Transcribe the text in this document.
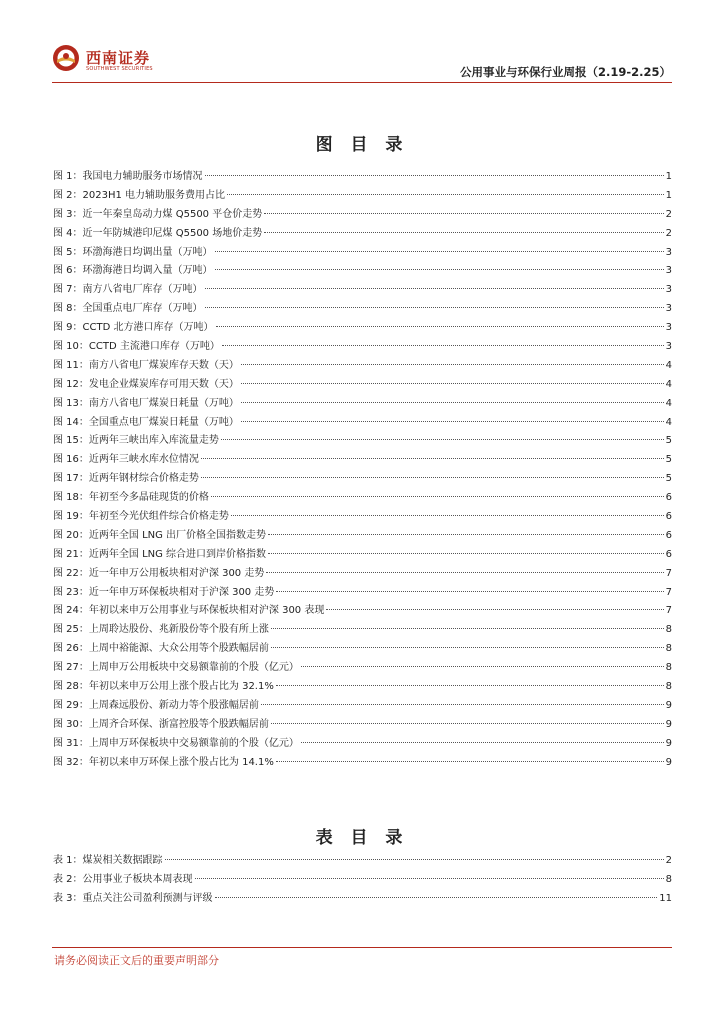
西南证券
SOUTHWEST SECURITIES	公用事业与环保行业周报（2.19-2.25）
图 目 录
图 1：我国电力辅助服务市场情况	1
图 2：2023H1 电力辅助服务费用占比	1
图 3：近一年秦皇岛动力煤 Q5500 平仓价走势	2
图 4：近一年防城港印尼煤 Q5500 场地价走势	2
图 5：环渤海港日均调出量（万吨）	3
图 6：环渤海港日均调入量（万吨）	3
图 7：南方八省电厂库存（万吨）	3
图 8：全国重点电厂库存（万吨）	3
图 9：CCTD 北方港口库存（万吨）	3
图 10：CCTD 主流港口库存（万吨）	3
图 11：南方八省电厂煤炭库存天数（天）	4
图 12：发电企业煤炭库存可用天数（天）	4
图 13：南方八省电厂煤炭日耗量（万吨）	4
图 14：全国重点电厂煤炭日耗量（万吨）	4
图 15：近两年三峡出库入库流量走势	5
图 16：近两年三峡水库水位情况	5
图 17：近两年钢材综合价格走势	5
图 18：年初至今多晶硅现货的价格	6
图 19：年初至今光伏组件综合价格走势	6
图 20：近两年全国 LNG 出厂价格全国指数走势	6
图 21：近两年全国 LNG 综合进口到岸价格指数	6
图 22：近一年申万公用板块相对沪深 300 走势	7
图 23：近一年申万环保板块相对于沪深 300 走势	7
图 24：年初以来申万公用事业与环保板块相对沪深 300 表现	7
图 25：上周聆达股份、兆新股份等个股有所上涨	8
图 26：上周中裕能源、大众公用等个股跌幅居前	8
图 27：上周申万公用板块中交易额靠前的个股（亿元）	8
图 28：年初以来申万公用上涨个股占比为 32.1%	8
图 29：上周森远股份、新动力等个股涨幅居前	9
图 30：上周齐合环保、浙富控股等个股跌幅居前	9
图 31：上周申万环保板块中交易额靠前的个股（亿元）	9
图 32：年初以来申万环保上涨个股占比为 14.1%	9
表 目 录
表 1：煤炭相关数据跟踪	2
表 2：公用事业子板块本周表现	8
表 3：重点关注公司盈利预测与评级	11
请务必阅读正文后的重要声明部分
